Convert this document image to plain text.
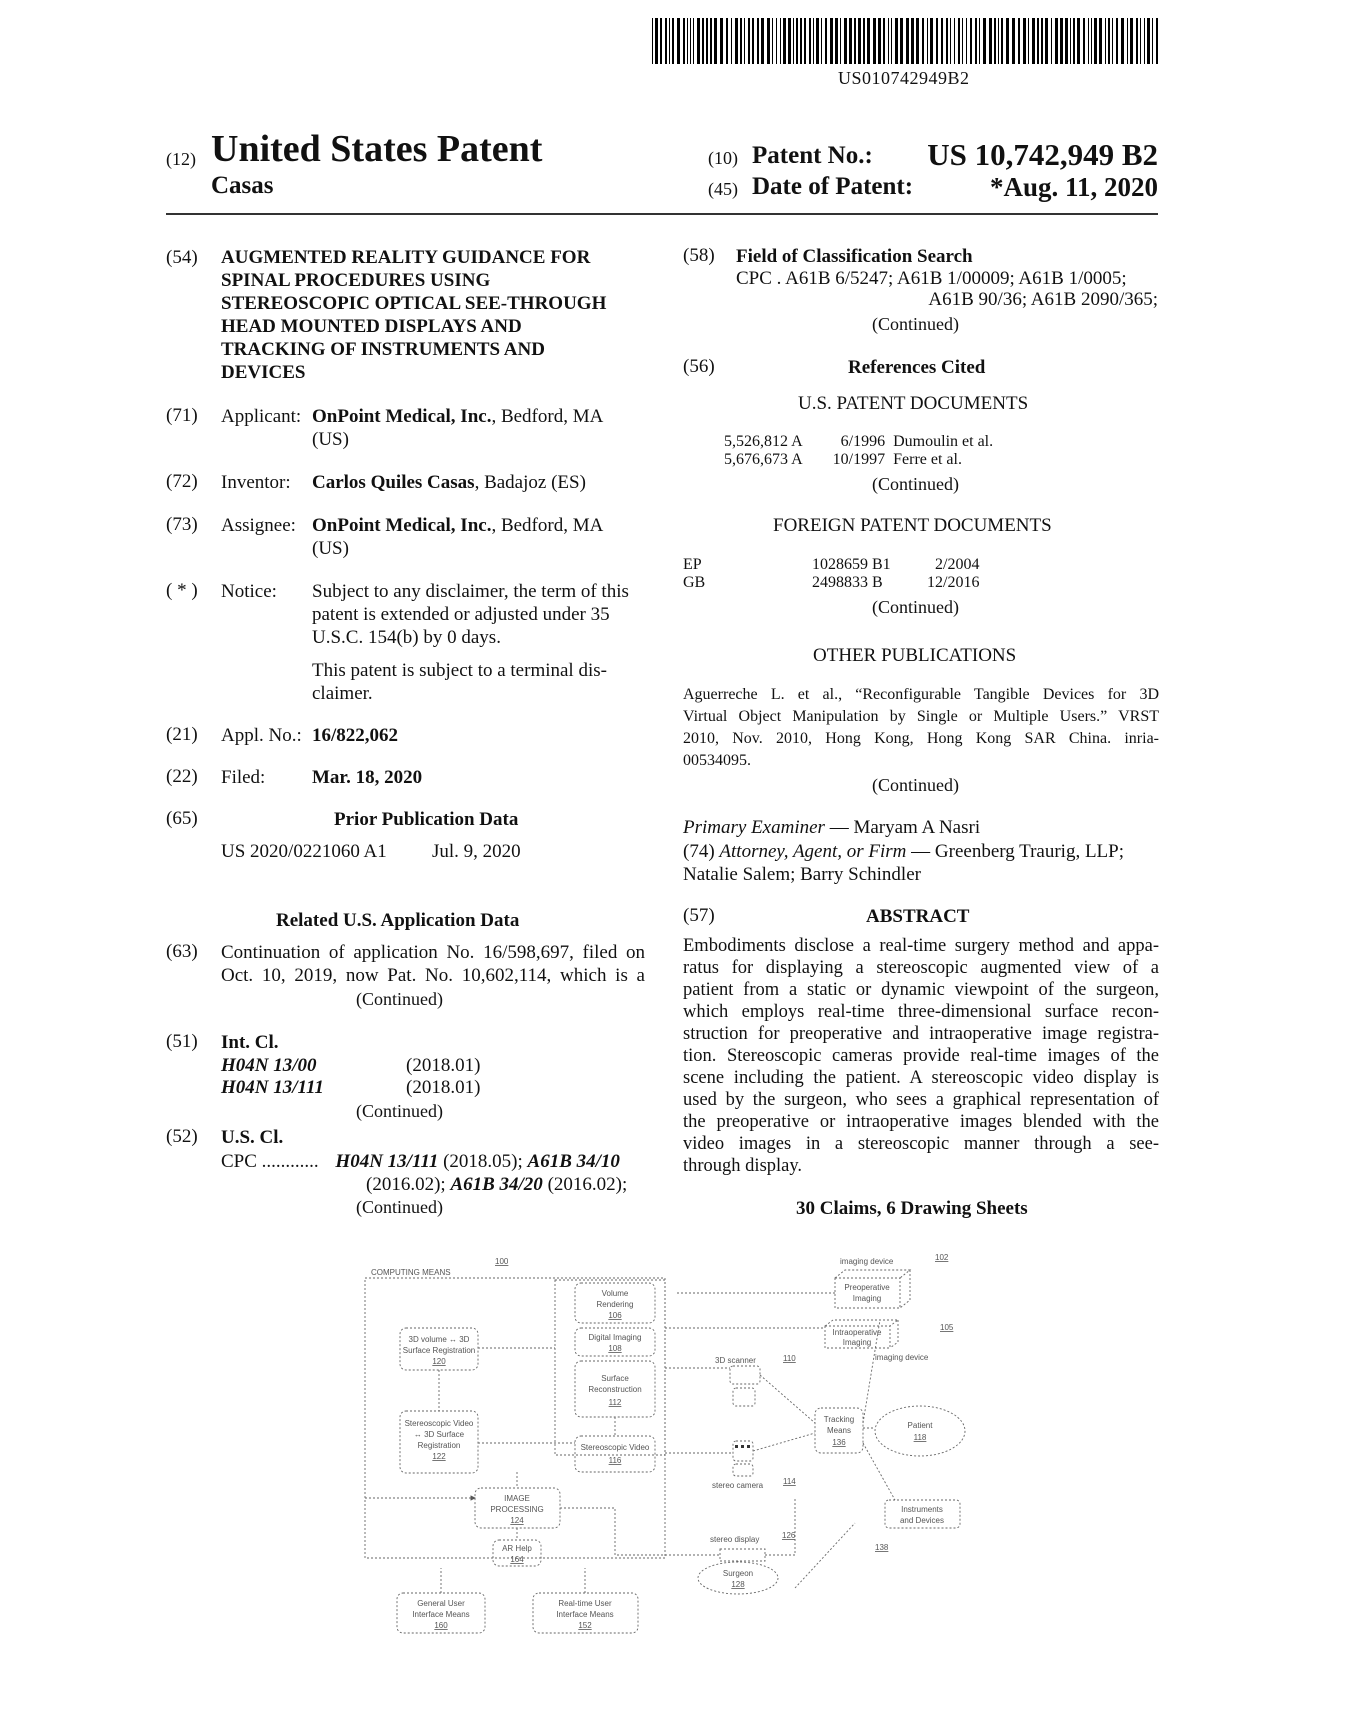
US010742949B2
(12) United States Patent
Casas
(10) Patent No.: US 10,742,949 B2
(45) Date of Patent:	*Aug. 11, 2020
(54) AUGMENTED REALITY GUIDANCE FOR
SPINAL PROCEDURES USING
STEREOSCOPIC OPTICAL SEE-THROUGH
HEAD MOUNTED DISPLAYS AND
TRACKING OF INSTRUMENTS AND
DEVICES
(71) Applicant: OnPoint Medical, Inc., Bedford, MA
(US)
(72) Inventor: Carlos Quiles Casas, Badajoz (ES)
(73) Assignee: OnPoint Medical, Inc., Bedford, MA
(US)
( * ) Notice: Subject to any disclaimer, the term of this
patent is extended or adjusted under 35
U.S.C. 154(b) by 0 days.
This patent is subject to a terminal dis-
claimer.
(21) Appl. No.: 16/822,062
(22) Filed: Mar. 18, 2020
(65)	Prior Publication Data
US 2020/0221060 A1 Jul. 9, 2020
Related U.S. Application Data
(63) Continuation of application No. 16/598,697, filed on
Oct. 10, 2019, now Pat. No. 10,602,114, which is a
(Continued)
(51) Int. Cl.
H04N 13/00	(2018.01)
H04N 13/111	(2018.01)
(Continued)
(52) U.S. Cl.
CPC ............ H04N 13/111 (2018.05); A61B 34/10
(2016.02); A61B 34/20 (2016.02);
(Continued)
(58) Field of Classification Search
CPC . A61B 6/5247; A61B 1/00009; A61B 1/0005;
A61B 90/36; A61B 2090/365;
(Continued)
(56)	References Cited
U.S. PATENT DOCUMENTS
5,526,812 A 6/1996 Dumoulin et al.
5,676,673 A 10/1997 Ferre et al.
(Continued)
FOREIGN PATENT DOCUMENTS
EP	1028659 B1	2/2004
GB	2498833 B	12/2016
(Continued)
OTHER PUBLICATIONS
Aguerreche L. et al., “Reconfigurable Tangible Devices for 3D
Virtual Object Manipulation by Single or Multiple Users.” VRST
2010, Nov. 2010, Hong Kong, Hong Kong SAR China. inria-
00534095.
(Continued)
Primary Examiner — Maryam A Nasri
(74) Attorney, Agent, or Firm — Greenberg Traurig, LLP;
Natalie Salem; Barry Schindler
(57)	ABSTRACT
Embodiments disclose a real-time surgery method and appa-
ratus for displaying a stereoscopic augmented view of a
patient from a static or dynamic viewpoint of the surgeon,
which employs real-time three-dimensional surface recon-
struction for preoperative and intraoperative image registra-
tion. Stereoscopic cameras provide real-time images of the
scene including the patient. A stereoscopic video display is
used by the surgeon, who sees a graphical representation of
the preoperative or intraoperative images blended with the
video images in a stereoscopic manner through a see-
through display.
30 Claims, 6 Drawing Sheets
100
COMPUTING MEANS
Volume
Rendering
106
Digital Imaging
108
Surface
Reconstruction
112
Stereoscopic Video
116
3D volume ↔ 3D
Surface Registration
120
Stereoscopic Video
↔ 3D Surface
Registration
122
IMAGE
PROCESSING
124
AR Help
164
General User
Interface Means
160
Real-time User
Interface Means
152
imaging device	102
Preoperative
Imaging
Intraoperative
Imaging
105
imaging device
3D scanner	110
Tracking
Means
136
Patient
118
stereo camera 114
Instruments
and Devices
138
stereo display	126
Surgeon
128
